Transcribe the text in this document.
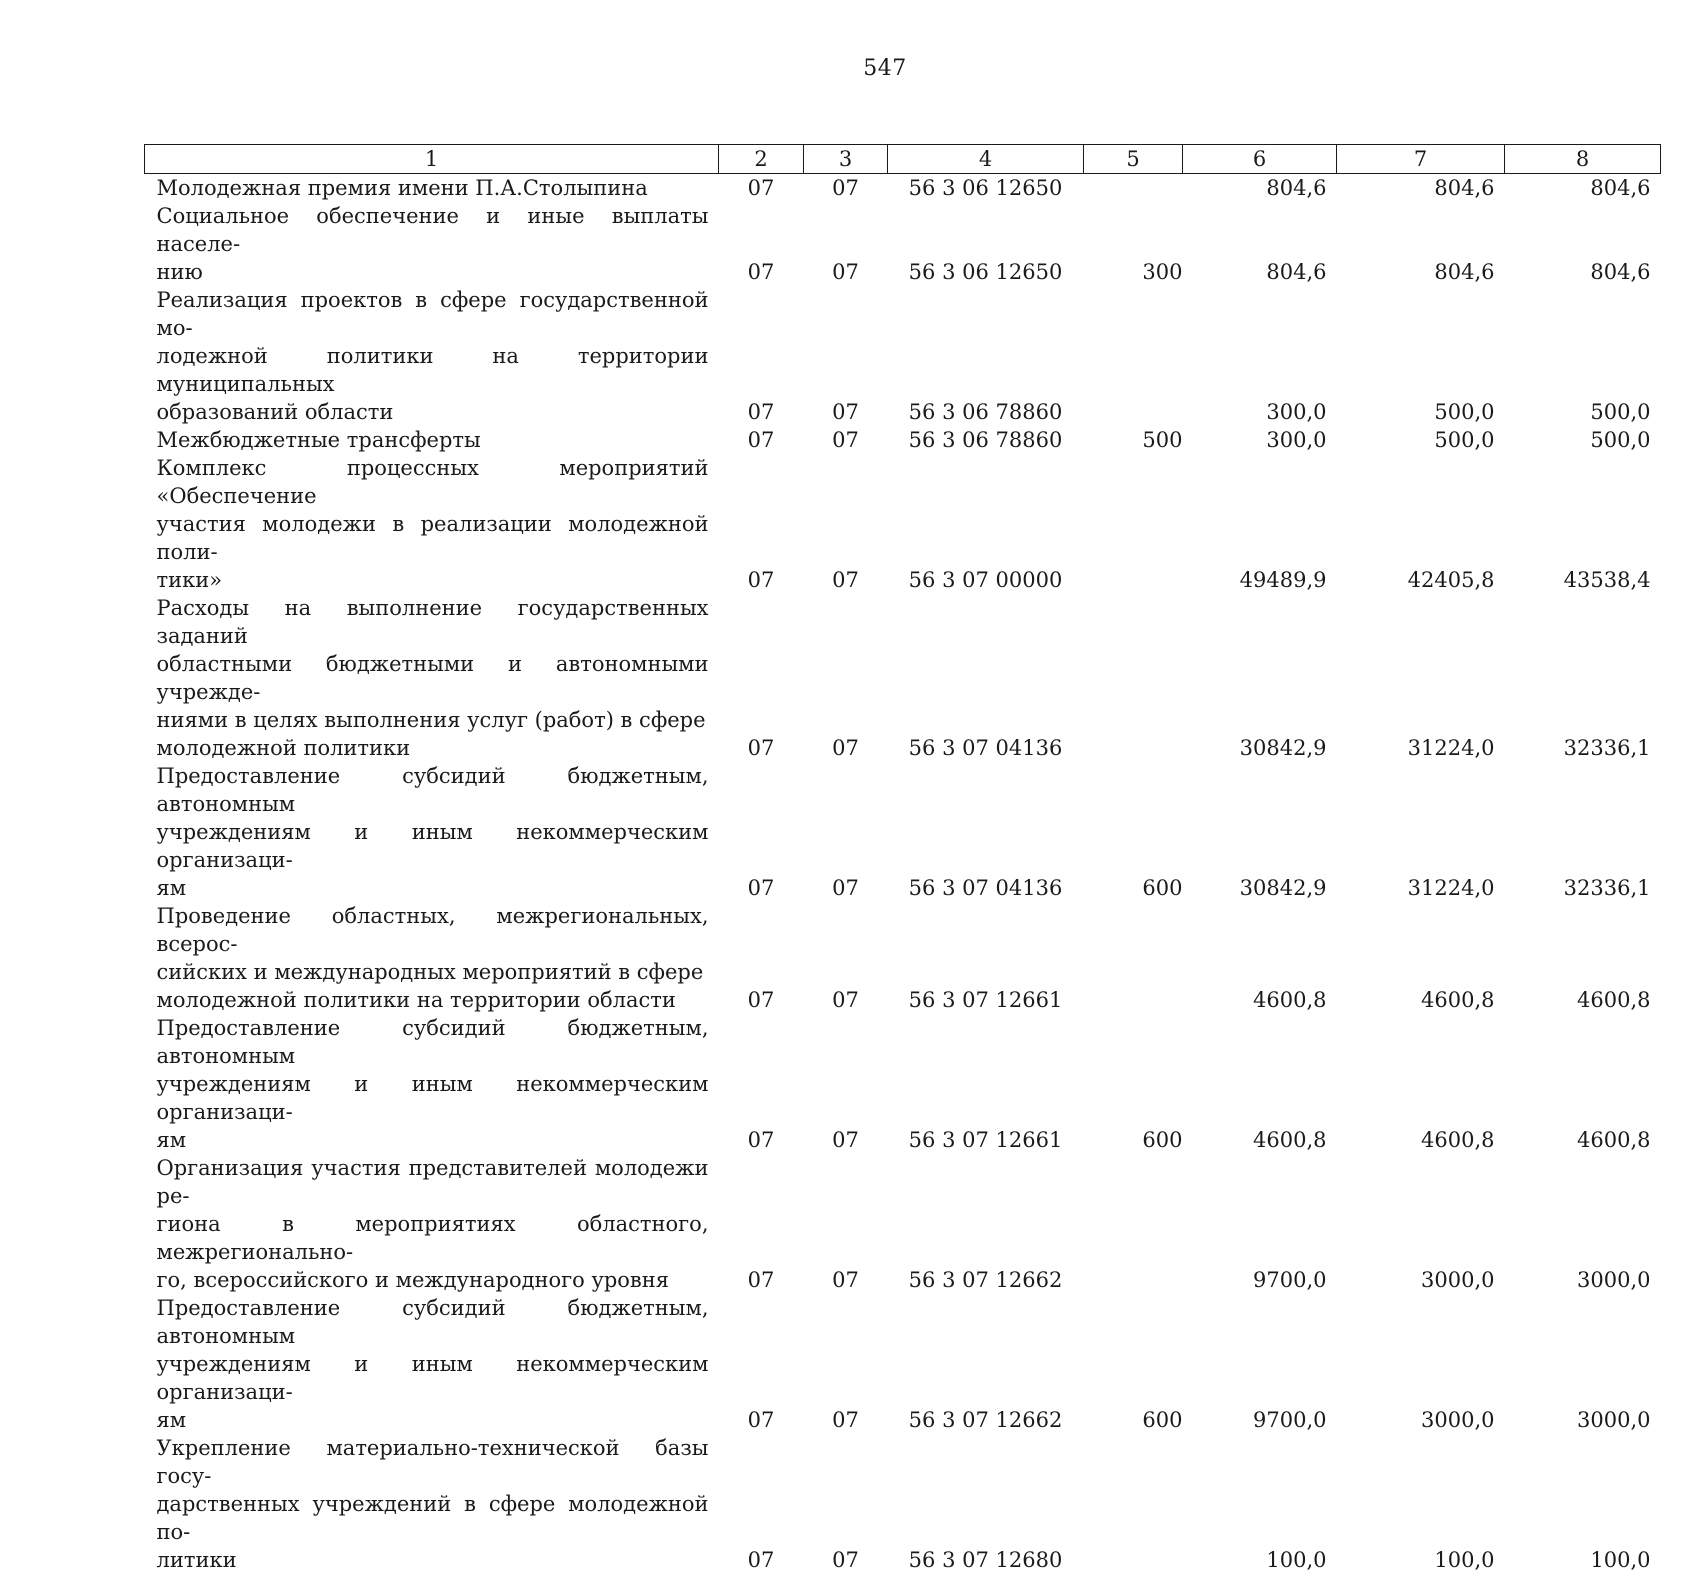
547
1	2	3	4	5	6	7	8
Молодежная премия имени П.А.Столыпина	07	07	56 3 06 12650		804,6	804,6	804,6
Социальное обеспечение и иные выплаты населе-
нию	07	07	56 3 06 12650	300	804,6	804,6	804,6
Реализация проектов в сфере государственной мо-
лодежной политики на территории муниципальных
образований области	07	07	56 3 06 78860		300,0	500,0	500,0
Межбюджетные трансферты	07	07	56 3 06 78860	500	300,0	500,0	500,0
Комплекс процессных мероприятий «Обеспечение
участия молодежи в реализации молодежной поли-
тики»	07	07	56 3 07 00000		49489,9	42405,8	43538,4
Расходы на выполнение государственных заданий
областными бюджетными и автономными учрежде-
ниями в целях выполнения услуг (работ) в сфере
молодежной политики	07	07	56 3 07 04136		30842,9	31224,0	32336,1
Предоставление субсидий бюджетным, автономным
учреждениям и иным некоммерческим организаци-
ям	07	07	56 3 07 04136	600	30842,9	31224,0	32336,1
Проведение областных, межрегиональных, всерос-
сийских и международных мероприятий в сфере
молодежной политики на территории области	07	07	56 3 07 12661		4600,8	4600,8	4600,8
Предоставление субсидий бюджетным, автономным
учреждениям и иным некоммерческим организаци-
ям	07	07	56 3 07 12661	600	4600,8	4600,8	4600,8
Организация участия представителей молодежи ре-
гиона в мероприятиях областного, межрегионально-
го, всероссийского и международного уровня	07	07	56 3 07 12662		9700,0	3000,0	3000,0
Предоставление субсидий бюджетным, автономным
учреждениям и иным некоммерческим организаци-
ям	07	07	56 3 07 12662	600	9700,0	3000,0	3000,0
Укрепление материально-технической базы госу-
дарственных учреждений в сфере молодежной по-
литики	07	07	56 3 07 12680		100,0	100,0	100,0
